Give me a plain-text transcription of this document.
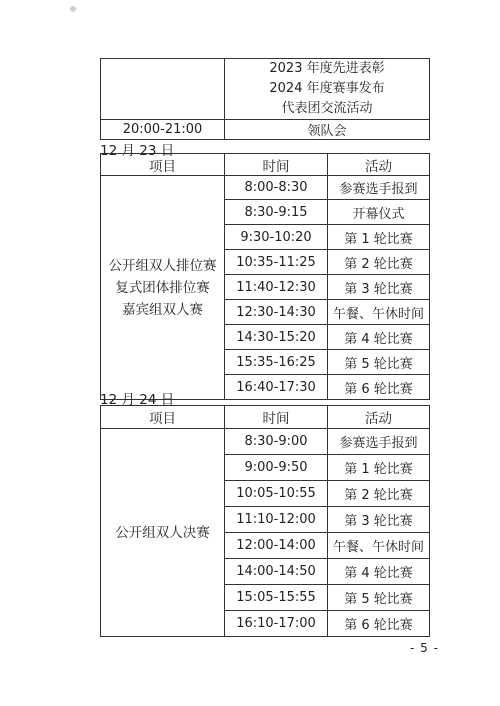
	2023 年度先进表彰
2024 年度赛事发布
代表团交流活动

20:00-21:00	领队会
12 月 23 日
项目	时间	活动

公开组双人排位赛
复式团体排位赛
嘉宾组双人赛	8:00-8:30	参赛选手报到
	8:30-9:15	开幕仪式
	9:30-10:20	第 1 轮比赛
	10:35-11:25	第 2 轮比赛
	11:40-12:30	第 3 轮比赛
	12:30-14:30	午餐、午休时间
	14:30-15:20	第 4 轮比赛
	15:35-16:25	第 5 轮比赛
	16:40-17:30	第 6 轮比赛
12 月 24 日
项目	时间	活动

公开组双人决赛	8:30-9:00	参赛选手报到
	9:00-9:50	第 1 轮比赛
	10:05-10:55	第 2 轮比赛
	11:10-12:00	第 3 轮比赛
	12:00-14:00	午餐、午休时间
	14:00-14:50	第 4 轮比赛
	15:05-15:55	第 5 轮比赛
	16:10-17:00	第 6 轮比赛
- 5 -
